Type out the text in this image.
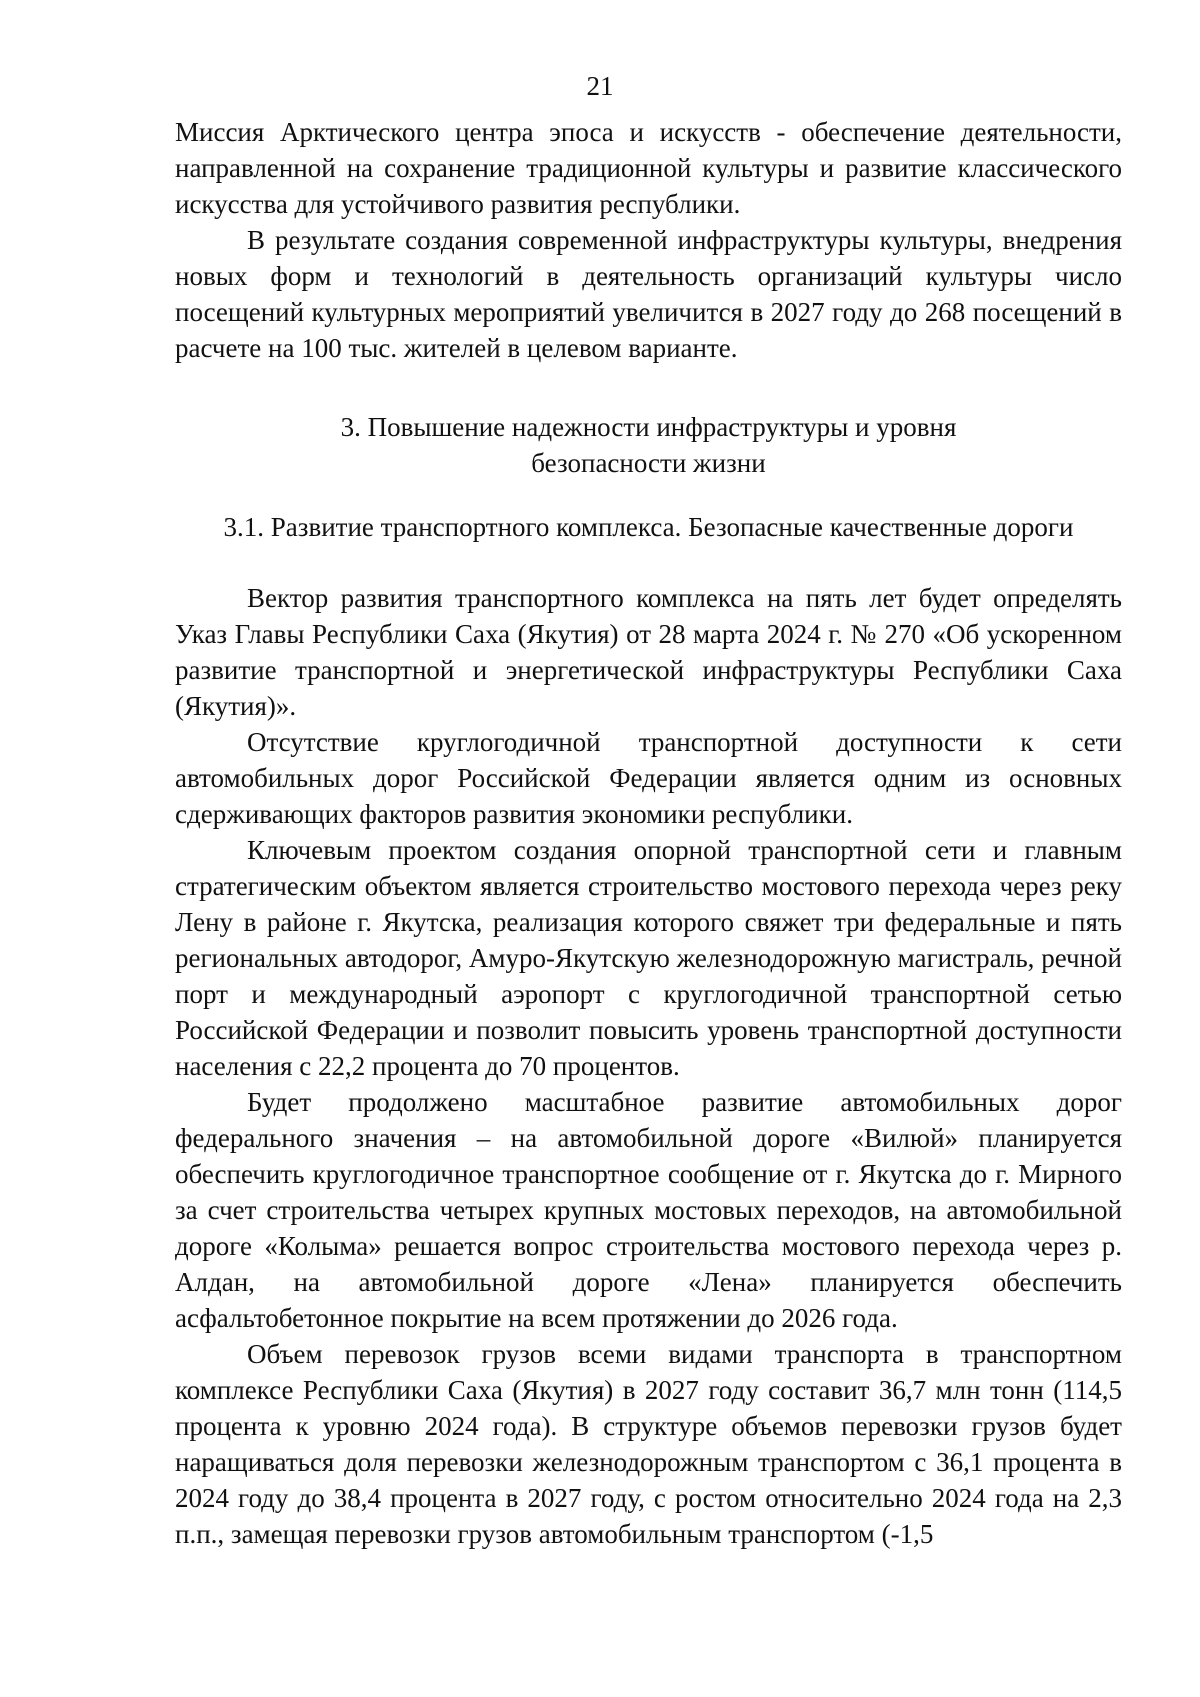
21

Миссия Арктического центра эпоса и искусств - обеспечение деятельности, направленной на сохранение традиционной культуры и развитие классического искусства для устойчивого развития республики.

В результате создания современной инфраструктуры культуры, внедрения новых форм и технологий в деятельность организаций культуры число посещений культурных мероприятий увеличится в 2027 году до 268 посещений в расчете на 100 тыс. жителей в целевом варианте.

3. Повышение надежности инфраструктуры и уровня
безопасности жизни
3.1. Развитие транспортного комплекса. Безопасные качественные дороги

Вектор развития транспортного комплекса на пять лет будет определять Указ Главы Республики Саха (Якутия) от 28 марта 2024 г. № 270 «Об ускоренном развитие транспортной и энергетической инфраструктуры Республики Саха (Якутия)».

Отсутствие круглогодичной транспортной доступности к сети автомобильных дорог Российской Федерации является одним из основных сдерживающих факторов развития экономики республики.

Ключевым проектом создания опорной транспортной сети и главным стратегическим объектом является строительство мостового перехода через реку Лену в районе г. Якутска, реализация которого свяжет три федеральные и пять региональных автодорог, Амуро-Якутскую железнодорожную магистраль, речной порт и международный аэропорт с круглогодичной транспортной сетью Российской Федерации и позволит повысить уровень транспортной доступности населения с 22,2 процента до 70 процентов.

Будет продолжено масштабное развитие автомобильных дорог федерального значения – на автомобильной дороге «Вилюй» планируется обеспечить круглогодичное транспортное сообщение от г. Якутска до г. Мирного за счет строительства четырех крупных мостовых переходов, на автомобильной дороге «Колыма» решается вопрос строительства мостового перехода через р. Алдан, на автомобильной дороге «Лена» планируется обеспечить асфальтобетонное покрытие на всем протяжении до 2026 года.

Объем перевозок грузов всеми видами транспорта в транспортном комплексе Республики Саха (Якутия) в 2027 году составит 36,7 млн тонн (114,5 процента к уровню 2024 года). В структуре объемов перевозки грузов будет наращиваться доля перевозки железнодорожным транспортом с 36,1 процента в 2024 году до 38,4 процента в 2027 году, с ростом относительно 2024 года на 2,3 п.п., замещая перевозки грузов автомобильным транспортом (-1,5
